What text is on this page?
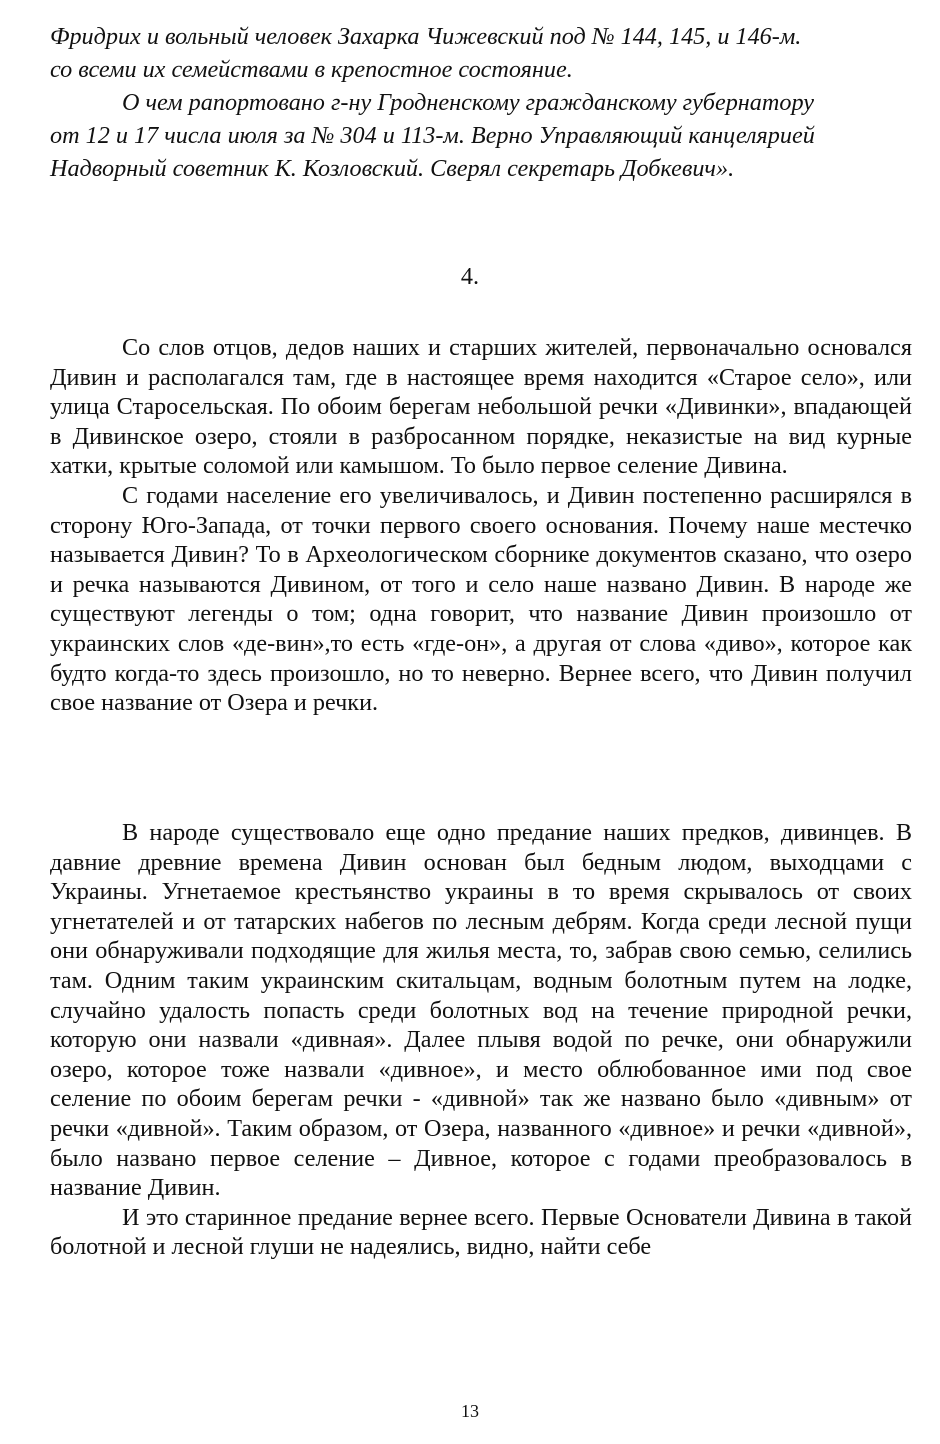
Фридрих и вольный человек Захарка Чижевский под № 144, 145, и 146-м.
со всеми их семействами в крепостное состояние.
О чем рапортовано г-ну Гродненскому гражданскому губернатору
от 12 и 17 числа июля за № 304 и 113-м. Верно Управляющий канцелярией
Надворный советник К. Козловский. Сверял секретарь Добкевич».

4.

Со слов отцов, дедов наших и старших жителей, первоначально основался Дивин и располагался там, где в настоящее время находится «Старое село», или улица Старосельская. По обоим берегам небольшой речки «Дивинки», впадающей в Дивинское озеро, стояли в разбросанном порядке, неказистые на вид курные хатки, крытые соломой или камышом. То было первое селение Дивина.

С годами население его увеличивалось, и Дивин постепенно расширялся в сторону Юго-Запада, от точки первого своего основания. Почему наше местечко называется Дивин? То в Археологическом сборнике документов сказано, что озеро и речка называются Дивином, от того и село наше названо Дивин. В народе же существуют легенды о том; одна говорит, что название Дивин произошло от украинских слов «де-вин»,то есть «где-он», а другая от слова «диво», которое как будто когда-то здесь произошло, но то неверно. Вернее всего, что Дивин получил свое название от Озера и речки.

В народе существовало еще одно предание наших предков, дивинцев. В давние древние времена Дивин основан был бедным людом, выходцами с Украины. Угнетаемое крестьянство украины в то время скрывалось от своих угнетателей и от татарских набегов по лесным дебрям. Когда среди лесной пущи они обнаруживали подходящие для жилья места, то, забрав свою семью, селились там. Одним таким украинским скитальцам, водным болотным путем на лодке, случайно удалость попасть среди болотных вод на течение природной речки, которую они назвали «дивная». Далее плывя водой по речке, они обнаружили озеро, которое тоже назвали «дивное», и место облюбованное ими под свое селение по обоим берегам речки - «дивной» так же названо было «дивным» от речки «дивной». Таким образом, от Озера, названного «дивное» и речки «дивной», было названо первое селение – Дивное, которое с годами преобразовалось в название Дивин.

И это старинное предание вернее всего. Первые Основатели Дивина в такой болотной и лесной глуши не надеялись, видно, найти себе

13
